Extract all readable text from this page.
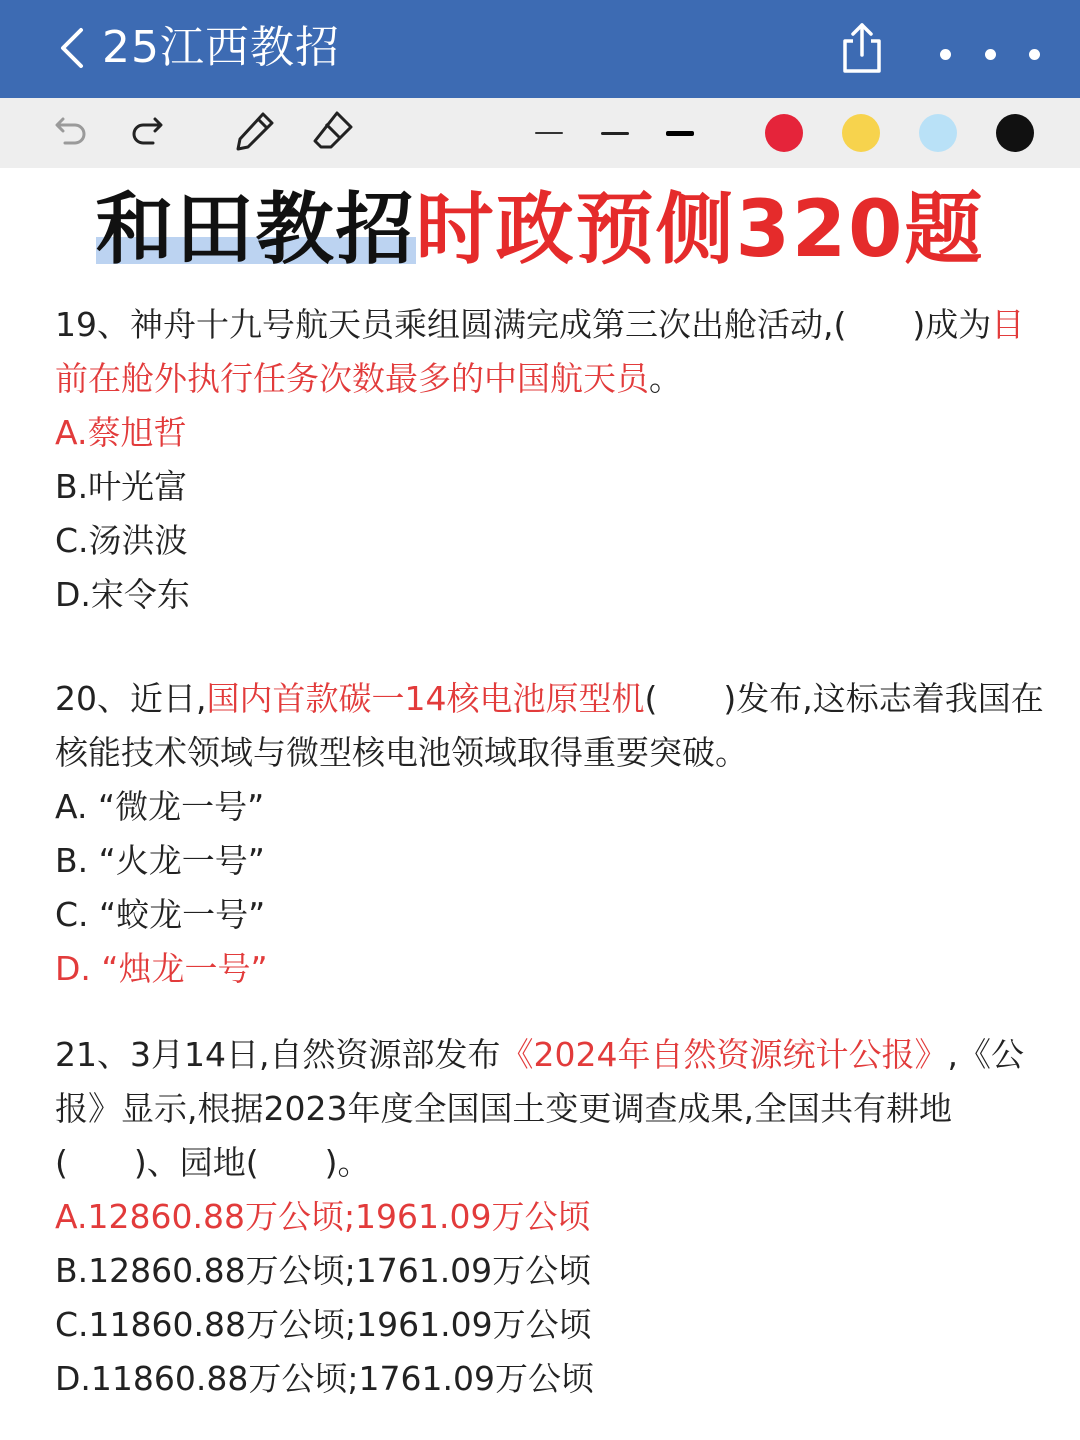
25江西教招
和田教招时政预侧320题

19、神舟十九号航天员乘组圆满完成第三次出舱活动,(　　)成为目前在舱外执行任务次数最多的中国航天员。

A.蔡旭哲

B.叶光富

C.汤洪波

D.宋令东

20、近日,国内首款碳一14核电池原型机(　　)发布,这标志着我国在核能技术领域与微型核电池领域取得重要突破。

A. “微龙一号”

B. “火龙一号”

C. “蛟龙一号”

D. “烛龙一号”

21、3月14日,自然资源部发布《2024年自然资源统计公报》,《公报》显示,根据2023年度全国国土变更调查成果,全国共有耕地(　　)、园地(　　)。

A.12860.88万公顷;1961.09万公顷

B.12860.88万公顷;1761.09万公顷

C.11860.88万公顷;1961.09万公顷

D.11860.88万公顷;1761.09万公顷
